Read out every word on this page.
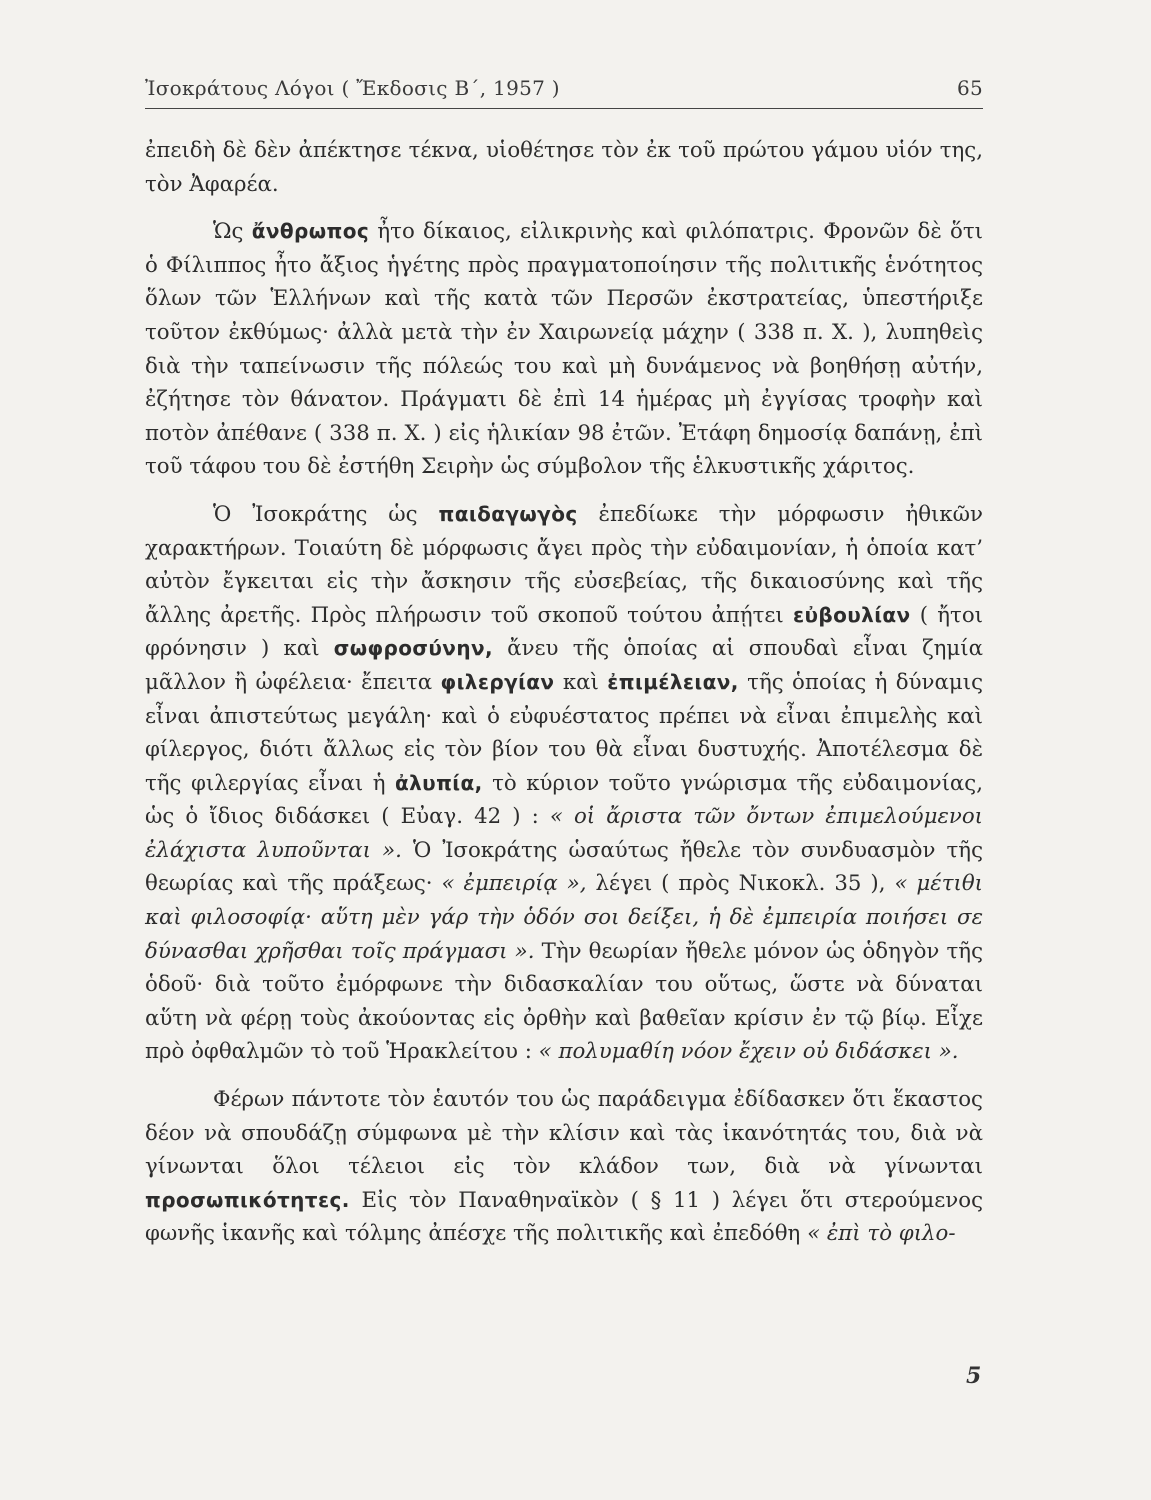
Ἰσοκράτους Λόγοι ( Ἔκδοσις Β΄, 1957 )	65

ἐπειδὴ δὲ δὲν ἀπέκτησε τέκνα, υἱοθέτησε τὸν ἐκ τοῦ πρώτου γάμου υἱόν της, τὸν Ἀφαρέα.

Ὡς ἄνθρωπος ἦτο δίκαιος, εἰλικρινὴς καὶ φιλόπατρις. Φρονῶν δὲ ὅτι ὁ Φίλιππος ἦτο ἄξιος ἡγέτης πρὸς πραγματοποίησιν τῆς πολιτικῆς ἑνότητος ὅλων τῶν Ἑλλήνων καὶ τῆς κατὰ τῶν Περσῶν ἐκστρατείας, ὑπεστήριξε τοῦτον ἐκθύμως· ἀλλὰ μετὰ τὴν ἐν Χαιρωνείᾳ μάχην ( 338 π. Χ. ), λυπηθεὶς διὰ τὴν ταπείνωσιν τῆς πόλεώς του καὶ μὴ δυνάμενος νὰ βοηθήσῃ αὐτήν, ἐζήτησε τὸν θάνατον. Πράγματι δὲ ἐπὶ 14 ἡμέρας μὴ ἐγγίσας τροφὴν καὶ ποτὸν ἀπέθανε ( 338 π. Χ. ) εἰς ἡλικίαν 98 ἐτῶν. Ἐτάφη δημοσίᾳ δαπάνῃ, ἐπὶ τοῦ τάφου του δὲ ἐστήθη Σειρὴν ὡς σύμβολον τῆς ἑλκυστικῆς χάριτος.

Ὁ Ἰσοκράτης ὡς παιδαγωγὸς ἐπεδίωκε τὴν μόρφωσιν ἠθικῶν χαρακτήρων. Τοιαύτη δὲ μόρφωσις ἄγει πρὸς τὴν εὐδαιμονίαν, ἡ ὁποία κατ’ αὐτὸν ἔγκειται εἰς τὴν ἄσκησιν τῆς εὐσεβείας, τῆς δικαιοσύνης καὶ τῆς ἄλλης ἀρετῆς. Πρὸς πλήρωσιν τοῦ σκοποῦ τούτου ἀπῄτει εὐβουλίαν ( ἤτοι φρόνησιν ) καὶ σωφροσύνην, ἄνευ τῆς ὁποίας αἱ σπουδαὶ εἶναι ζημία μᾶλλον ἢ ὠφέλεια· ἔπειτα φιλεργίαν καὶ ἐπιμέλειαν, τῆς ὁποίας ἡ δύναμις εἶναι ἀπιστεύτως μεγάλη· καὶ ὁ εὐφυέστατος πρέπει νὰ εἶναι ἐπιμελὴς καὶ φίλεργος, διότι ἄλλως εἰς τὸν βίον του θὰ εἶναι δυστυχής. Ἀποτέλεσμα δὲ τῆς φιλεργίας εἶναι ἡ ἀλυπία, τὸ κύριον τοῦτο γνώρισμα τῆς εὐδαιμονίας, ὡς ὁ ἴδιος διδάσκει ( Εὐαγ. 42 ) : « οἱ ἄριστα τῶν ὄντων ἐπιμελούμενοι ἐλάχιστα λυποῦνται ». Ὁ Ἰσοκράτης ὡσαύτως ἤθελε τὸν συνδυασμὸν τῆς θεωρίας καὶ τῆς πράξεως· « ἐμπειρίᾳ », λέγει ( πρὸς Νικοκλ. 35 ), « μέτιθι καὶ φιλοσοφίᾳ· αὕτη μὲν γάρ τὴν ὁδόν σοι δείξει, ἡ δὲ ἐμπειρία ποιήσει σε δύνασθαι χρῆσθαι τοῖς πράγμασι ». Τὴν θεωρίαν ἤθελε μόνον ὡς ὁδηγὸν τῆς ὁδοῦ· διὰ τοῦτο ἐμόρφωνε τὴν διδασκαλίαν του οὕτως, ὥστε νὰ δύναται αὕτη νὰ φέρῃ τοὺς ἀκούοντας εἰς ὀρθὴν καὶ βαθεῖαν κρίσιν ἐν τῷ βίῳ. Εἶχε πρὸ ὀφθαλμῶν τὸ τοῦ Ἡρακλείτου : « πολυμαθίη νόον ἔχειν οὐ διδάσκει ».

Φέρων πάντοτε τὸν ἑαυτόν του ὡς παράδειγμα ἐδίδασκεν ὅτι ἕκαστος δέον νὰ σπουδάζῃ σύμφωνα μὲ τὴν κλίσιν καὶ τὰς ἱκανότητάς του, διὰ νὰ γίνωνται ὅλοι τέλειοι εἰς τὸν κλάδον των, διὰ νὰ γίνωνται προσωπικότητες. Εἰς τὸν Παναθηναϊκὸν ( § 11 ) λέγει ὅτι στερούμενος φωνῆς ἱκανῆς καὶ τόλμης ἀπέσχε τῆς πολιτικῆς καὶ ἐπεδόθη « ἐπὶ τὸ φιλο-

5
